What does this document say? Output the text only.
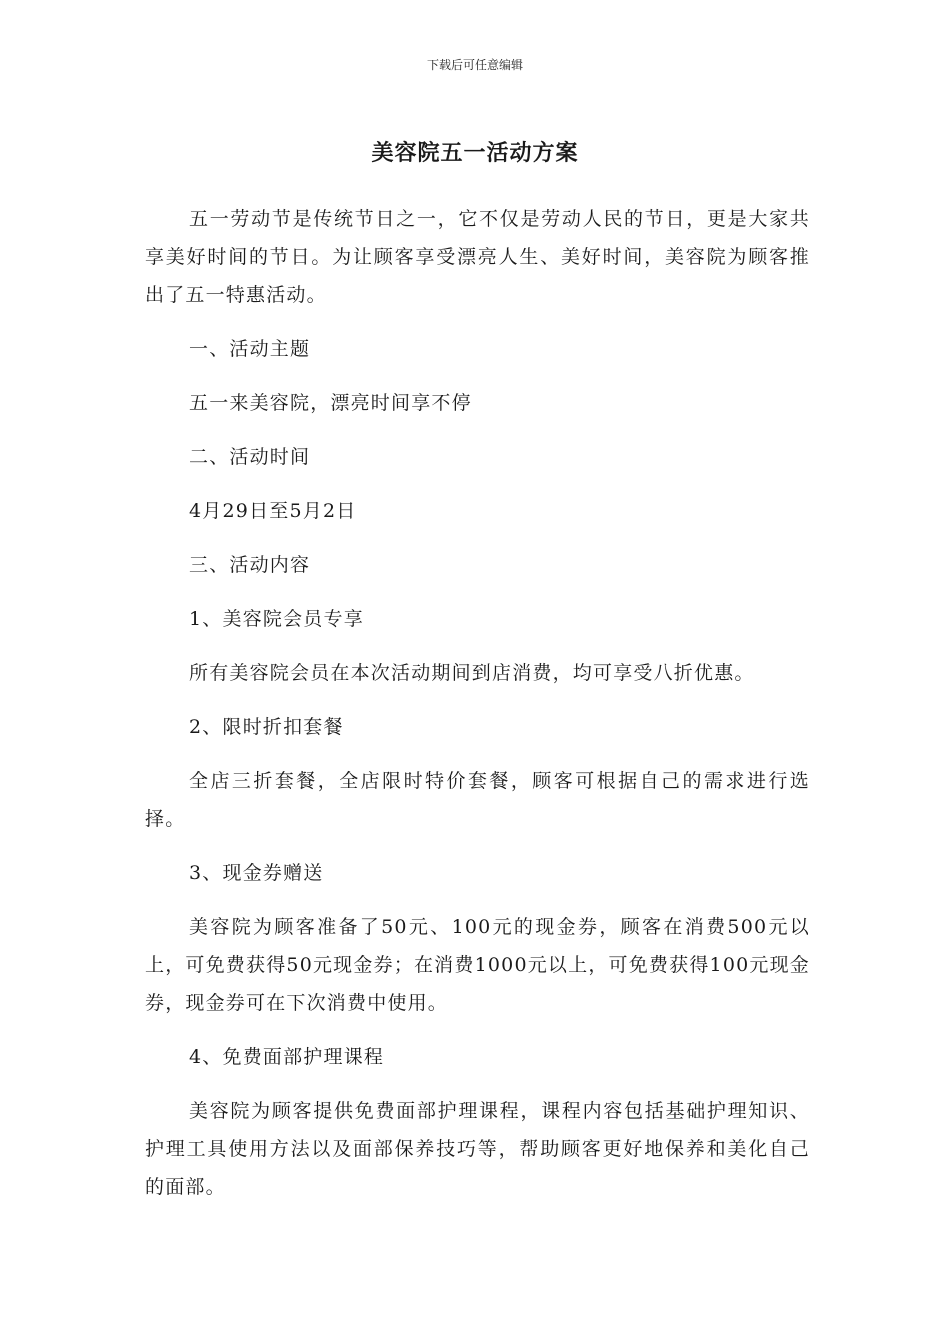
下载后可任意编辑
美容院五一活动方案

五一劳动节是传统节日之一，它不仅是劳动人民的节日，更是大家共享美好时间的节日。为让顾客享受漂亮人生、美好时间，美容院为顾客推出了五一特惠活动。

一、活动主题

五一来美容院，漂亮时间享不停

二、活动时间

4月29日至5月2日

三、活动内容

1、美容院会员专享

所有美容院会员在本次活动期间到店消费，均可享受八折优惠。

2、限时折扣套餐

全店三折套餐，全店限时特价套餐，顾客可根据自己的需求进行选择。

3、现金券赠送

美容院为顾客准备了50元、100元的现金券，顾客在消费500元以上，可免费获得50元现金券；在消费1000元以上，可免费获得100元现金券，现金券可在下次消费中使用。

4、免费面部护理课程

美容院为顾客提供免费面部护理课程，课程内容包括基础护理知识、护理工具使用方法以及面部保养技巧等，帮助顾客更好地保养和美化自己的面部。
